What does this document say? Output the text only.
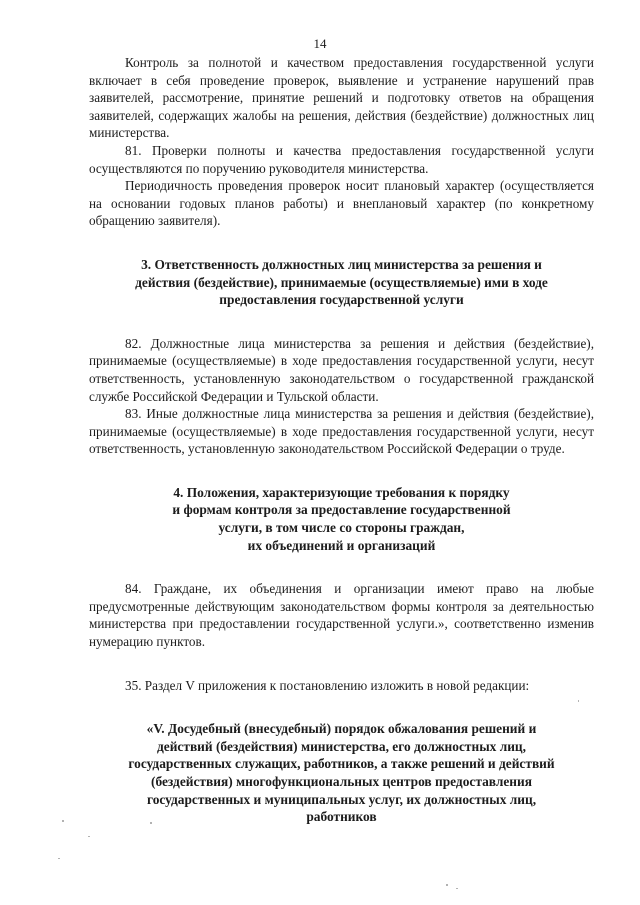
14

Контроль за полнотой и качеством предоставления государственной услуги включает в себя проведение проверок, выявление и устранение нарушений прав заявителей, рассмотрение, принятие решений и подготовку ответов на обращения заявителей, содержащих жалобы на решения, действия (бездействие) должностных лиц министерства.

81. Проверки полноты и качества предоставления государственной услуги осуществляются по поручению руководителя министерства.

Периодичность проведения проверок носит плановый характер (осуществляется на основании годовых планов работы) и внеплановый характер (по конкретному обращению заявителя).

3. Ответственность должностных лиц министерства за решения и
действия (бездействие), принимаемые (осуществляемые) ими в ходе
предоставления государственной услуги

82. Должностные лица министерства за решения и действия (бездействие), принимаемые (осуществляемые) в ходе предоставления государственной услуги, несут ответственность, установленную законодательством о государственной гражданской службе Российской Федерации и Тульской области.

83. Иные должностные лица министерства за решения и действия (бездействие), принимаемые (осуществляемые) в ходе предоставления государственной услуги, несут ответственность, установленную законодательством Российской Федерации о труде.

4. Положения, характеризующие требования к порядку
и формам контроля за предоставление государственной
услуги, в том числе со стороны граждан,
их объединений и организаций

84. Граждане, их объединения и организации имеют право на любые предусмотренные действующим законодательством формы контроля за деятельностью министерства при предоставлении государственной услуги.», соответственно изменив нумерацию пунктов.

35. Раздел V приложения к постановлению изложить в новой редакции:

«V. Досудебный (внесудебный) порядок обжалования решений и
действий (бездействия) министерства, его должностных лиц,
государственных служащих, работников, а также решений и действий
(бездействия) многофункциональных центров предоставления
государственных и муниципальных услуг, их должностных лиц,
работников
